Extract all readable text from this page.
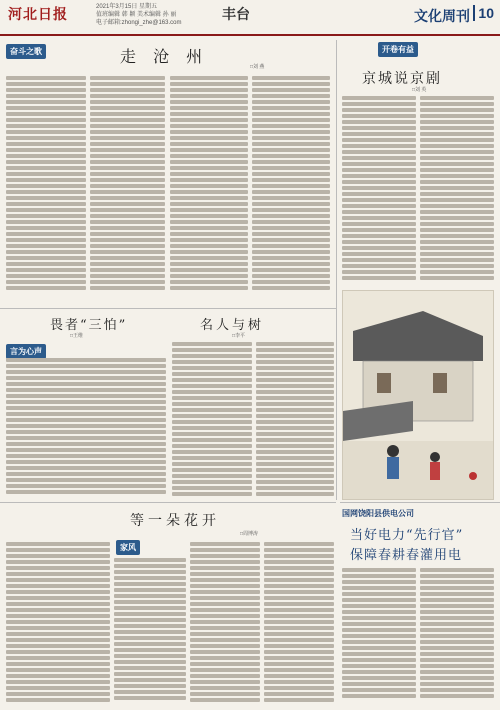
河北日报	2021年3月15日 星期五
值班编辑 韩 颖 美术编辑 孙 丽
电子邮箱:zhongi_zhe@163.com	丰台	文化周刊 10
奋斗之歌	走 沧 州
□刘 燕
开卷有益
京城说京剧
□刘 英
畏者“三怕”
□王维
言为心声
名人与树
□李平
等一朵花开
□周博涛
家风
国网饶阳县供电公司
当好电力“先行官”
保障春耕春灌用电
